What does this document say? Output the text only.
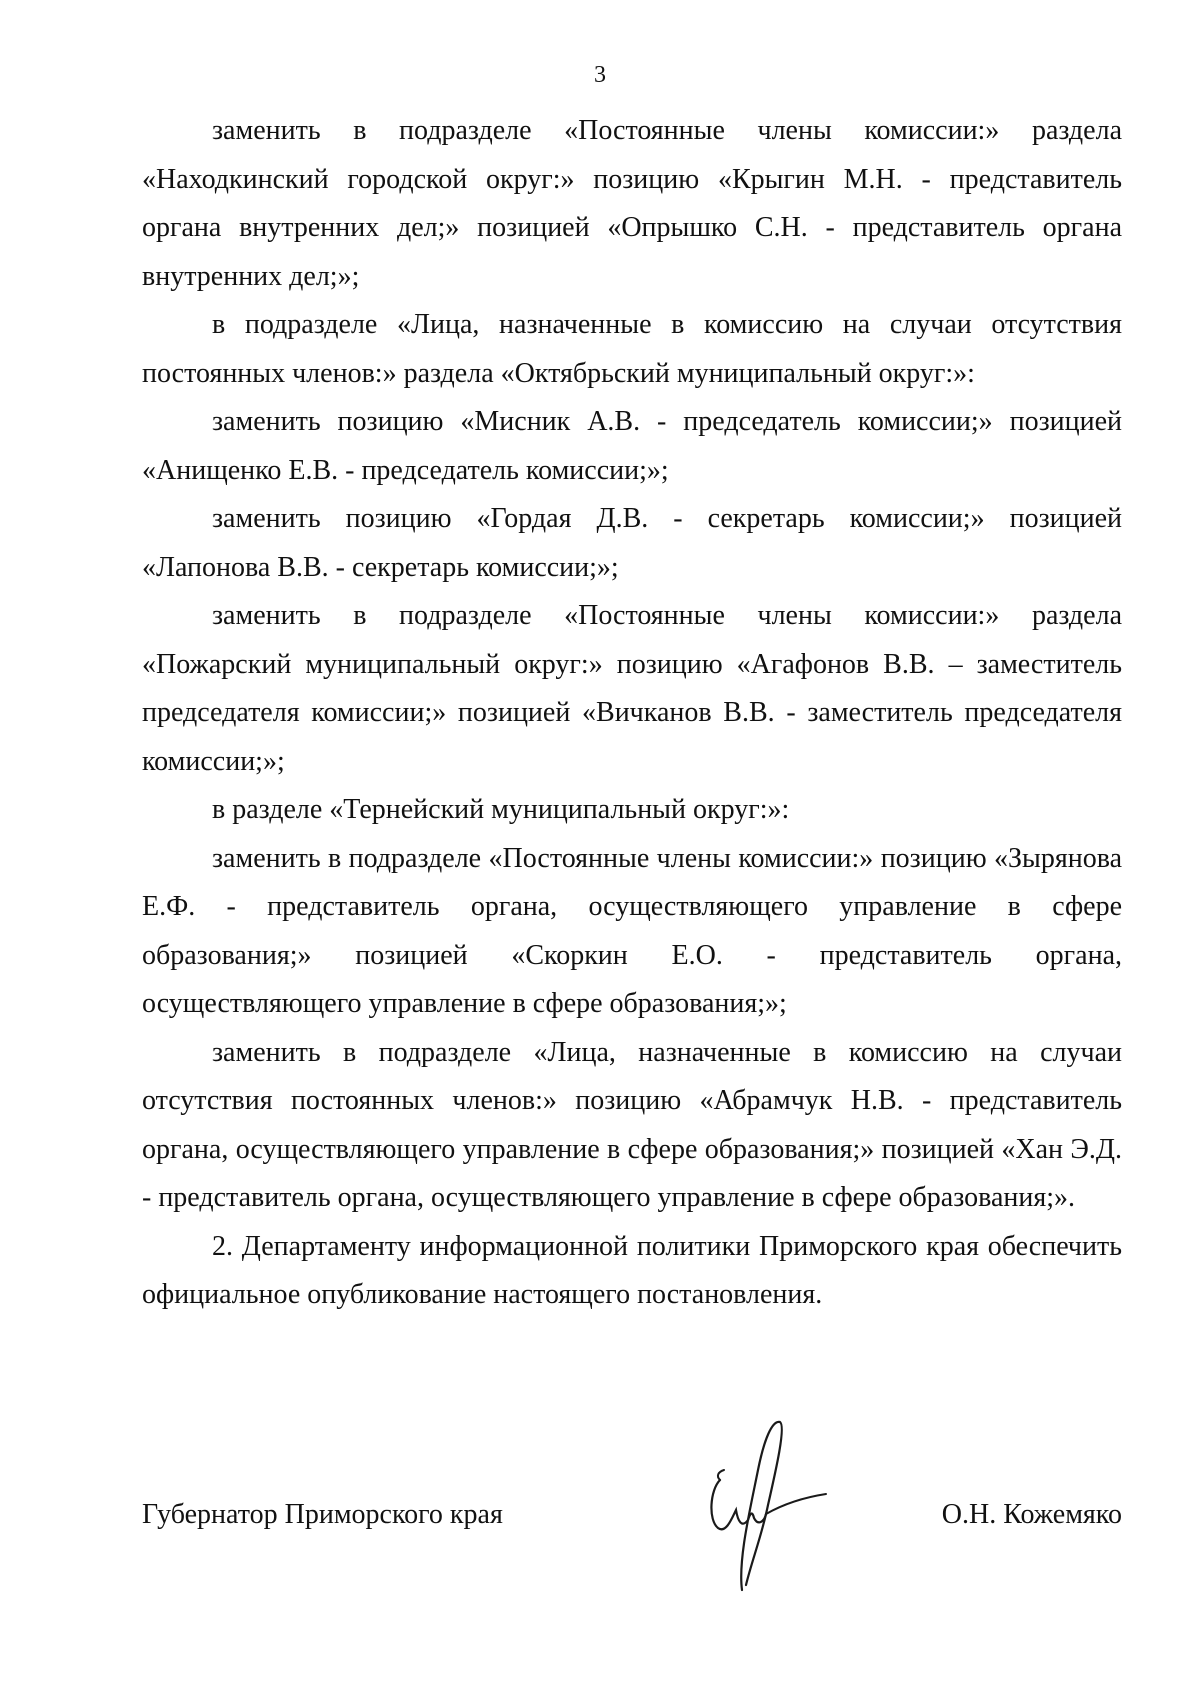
3

заменить в подразделе «Постоянные члены комиссии:» раздела «Находкинский городской округ:» позицию «Крыгин М.Н. - представитель органа внутренних дел;» позицией «Опрышко С.Н. - представитель органа внутренних дел;»;

в подразделе «Лица, назначенные в комиссию на случаи отсутствия постоянных членов:» раздела «Октябрьский муниципальный округ:»:

заменить позицию «Мисник А.В. - председатель комиссии;» позицией «Анищенко Е.В. - председатель комиссии;»;

заменить позицию «Гордая Д.В. - секретарь комиссии;» позицией «Лапонова В.В. - секретарь комиссии;»;

заменить в подразделе «Постоянные члены комиссии:» раздела «Пожарский муниципальный округ:» позицию «Агафонов В.В. – заместитель председателя комиссии;» позицией «Вичканов В.В. - заместитель председателя комиссии;»;

в разделе «Тернейский муниципальный округ:»:

заменить в подразделе «Постоянные члены комиссии:» позицию «Зырянова Е.Ф. - представитель органа, осуществляющего управление в сфере образования;» позицией «Скоркин Е.О. - представитель органа, осуществляющего управление в сфере образования;»;

заменить в подразделе «Лица, назначенные в комиссию на случаи отсутствия постоянных членов:» позицию «Абрамчук Н.В. - представитель органа, осуществляющего управление в сфере образования;» позицией «Хан Э.Д. - представитель органа, осуществляющего управление в сфере образования;».

2. Департаменту информационной политики Приморского края обеспечить официальное опубликование настоящего постановления.

Губернатор Приморского края	О.Н. Кожемяко
